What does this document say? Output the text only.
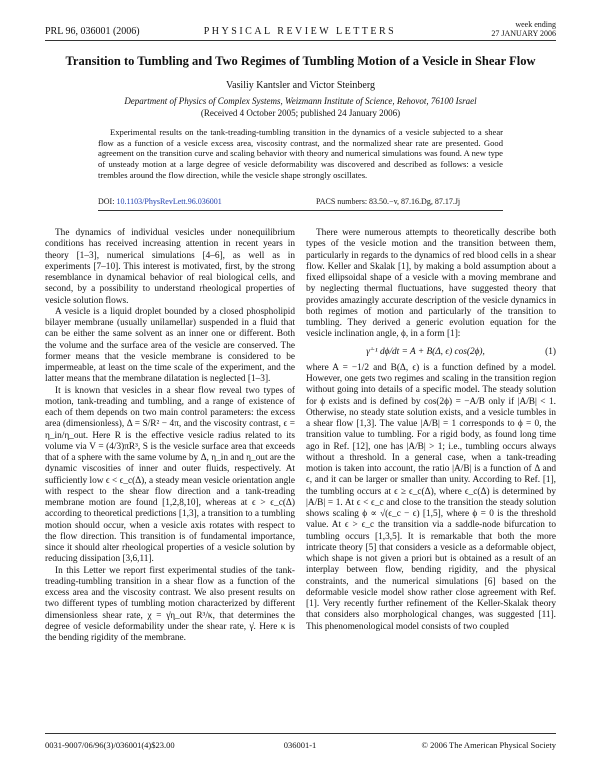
PRL 96, 036001 (2006)	PHYSICAL REVIEW LETTERS
week ending
27 JANUARY 2006
Transition to Tumbling and Two Regimes of Tumbling Motion of a Vesicle in Shear Flow
Vasiliy Kantsler and Victor Steinberg
Department of Physics of Complex Systems, Weizmann Institute of Science, Rehovot, 76100 Israel
(Received 4 October 2005; published 24 January 2006)
Experimental results on the tank-treading-tumbling transition in the dynamics of a vesicle subjected to a shear flow as a function of a vesicle excess area, viscosity contrast, and the normalized shear rate are presented. Good agreement on the transition curve and scaling behavior with theory and numerical simulations was found. A new type of unsteady motion at a large degree of vesicle deformability was discovered and described as follows: a vesicle trembles around the flow direction, while the vesicle shape strongly oscillates.
DOI: 10.1103/PhysRevLett.96.036001	PACS numbers: 83.50.−v, 87.16.Dg, 87.17.Jj

The dynamics of individual vesicles under nonequilibrium conditions has received increasing attention in recent years in theory [1–3], numerical simulations [4–6], as well as in experiments [7–10]. This interest is motivated, first, by the strong resemblance in dynamical behavior of real biological cells, and second, by a possibility to understand rheological properties of vesicle solution flows.

A vesicle is a liquid droplet bounded by a closed phospholipid bilayer membrane (usually unilamellar) suspended in a fluid that can be either the same solvent as an inner one or different. Both the volume and the surface area of the vesicle are conserved. The former means that the vesicle membrane is considered to be impermeable, at least on the time scale of the experiment, and the latter means that the membrane dilatation is neglected [1–3].

It is known that vesicles in a shear flow reveal two types of motion, tank-treading and tumbling, and a range of existence of each of them depends on two main control parameters: the excess area (dimensionless), Δ = S/R² − 4π, and the viscosity contrast, ϵ = η_in/η_out. Here R is the effective vesicle radius related to its volume via V = (4/3)πR³, S is the vesicle surface area that exceeds that of a sphere with the same volume by Δ, η_in and η_out are the dynamic viscosities of inner and outer fluids, respectively. At sufficiently low ϵ < ϵ_c(Δ), a steady mean vesicle orientation angle with respect to the shear flow direction and a tank-treading membrane motion are found [1,2,8,10], whereas at ϵ > ϵ_c(Δ) according to theoretical predictions [1,3], a transition to a tumbling motion should occur, when a vesicle axis rotates with respect to the flow direction. This transition is of fundamental importance, since it should alter rheological properties of a vesicle solution by reducing dissipation [3,6,11].

In this Letter we report first experimental studies of the tank-treading-tumbling transition in a shear flow as a function of the excess area and the viscosity contrast. We also present results on two different types of tumbling motion characterized by different dimensionless shear rate, χ = γ̇η_out R³/κ, that determines the degree of vesicle deformability under the shear rate, γ̇. Here κ is the bending rigidity of the membrane.

There were numerous attempts to theoretically describe both types of the vesicle motion and the transition between them, particularly in regards to the dynamics of red blood cells in a shear flow. Keller and Skalak [1], by making a bold assumption about a fixed ellipsoidal shape of a vesicle with a moving membrane and by neglecting thermal fluctuations, have suggested theory that provides amazingly accurate description of the vesicle dynamics in both regimes of motion and particularly of the transition to tumbling. They derived a generic evolution equation for the vesicle inclination angle, ϕ, in a form [1]:

γ̇⁻¹ dϕ/dt = A + B(Δ, ϵ) cos(2ϕ),	(1)

where A = −1/2 and B(Δ, ϵ) is a function defined by a model. However, one gets two regimes and scaling in the transition region without going into details of a specific model. The steady solution for ϕ exists and is defined by cos(2ϕ) = −A/B only if |A/B| < 1. Otherwise, no steady state solution exists, and a vesicle tumbles in a shear flow [1,3]. The value |A/B| = 1 corresponds to ϕ = 0, the transition value to tumbling. For a rigid body, as found long time ago in Ref. [12], one has |A/B| > 1; i.e., tumbling occurs always without a threshold. In a general case, when a tank-treading motion is taken into account, the ratio |A/B| is a function of Δ and ϵ, and it can be larger or smaller than unity. According to Ref. [1], the tumbling occurs at ϵ ≥ ϵ_c(Δ), where ϵ_c(Δ) is determined by |A/B| = 1. At ϵ < ϵ_c and close to the transition the steady solution shows scaling ϕ ∝ √(ϵ_c − ϵ) [1,5], where ϕ = 0 is the threshold value. At ϵ > ϵ_c the transition via a saddle-node bifurcation to tumbling occurs [1,3,5]. It is remarkable that both the more intricate theory [5] that considers a vesicle as a deformable object, which shape is not given a priori but is obtained as a result of an interplay between flow, bending rigidity, and the physical constraints, and the numerical simulations [6] based on the deformable vesicle model show rather close agreement with Ref. [1]. Very recently further refinement of the Keller-Skalak theory that considers also morphological changes, was suggested [11]. This phenomenological model consists of two coupled

0031-9007/06/96(3)/036001(4)$23.00	036001-1	© 2006 The American Physical Society
